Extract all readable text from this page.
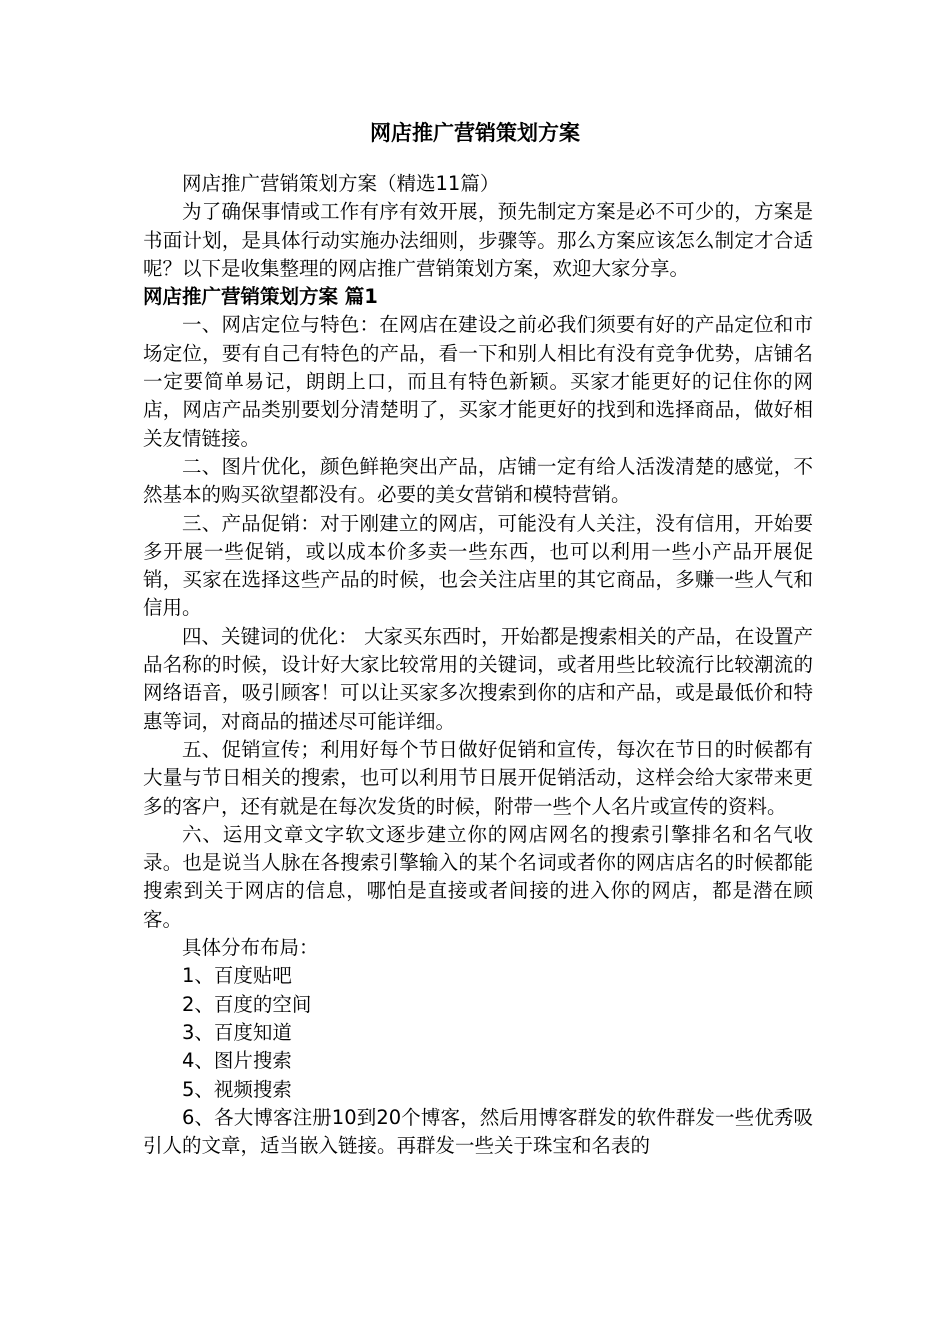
网店推广营销策划方案

网店推广营销策划方案（精选11篇）

为了确保事情或工作有序有效开展，预先制定方案是必不可少的，方案是书面计划，是具体行动实施办法细则，步骤等。那么方案应该怎么制定才合适呢？以下是收集整理的网店推广营销策划方案，欢迎大家分享。

网店推广营销策划方案 篇1

一、网店定位与特色：在网店在建设之前必我们须要有好的产品定位和市场定位，要有自己有特色的产品，看一下和别人相比有没有竞争优势，店铺名一定要简单易记，朗朗上口，而且有特色新颖。买家才能更好的记住你的网店，网店产品类别要划分清楚明了，买家才能更好的找到和选择商品，做好相关友情链接。

二、图片优化，颜色鲜艳突出产品，店铺一定有给人活泼清楚的感觉，不然基本的购买欲望都没有。必要的美女营销和模特营销。

三、产品促销：对于刚建立的网店，可能没有人关注，没有信用，开始要多开展一些促销，或以成本价多卖一些东西，也可以利用一些小产品开展促销，买家在选择这些产品的时候，也会关注店里的其它商品，多赚一些人气和信用。

四、关键词的优化： 大家买东西时，开始都是搜索相关的产品，在设置产品名称的时候，设计好大家比较常用的关键词，或者用些比较流行比较潮流的网络语音，吸引顾客！可以让买家多次搜索到你的店和产品，或是最低价和特惠等词，对商品的描述尽可能详细。

五、促销宣传；利用好每个节日做好促销和宣传，每次在节日的时候都有大量与节日相关的搜索，也可以利用节日展开促销活动，这样会给大家带来更多的客户，还有就是在每次发货的时候，附带一些个人名片或宣传的资料。

六、运用文章文字软文逐步建立你的网店网名的搜索引擎排名和名气收录。也是说当人脉在各搜索引擎输入的某个名词或者你的网店店名的时候都能搜索到关于网店的信息，哪怕是直接或者间接的进入你的网店，都是潜在顾客。

具体分布布局：

1、百度贴吧

2、百度的空间

3、百度知道

4、图片搜索

5、视频搜索

6、各大博客注册10到20个博客，然后用博客群发的软件群发一些优秀吸引人的文章，适当嵌入链接。再群发一些关于珠宝和名表的
